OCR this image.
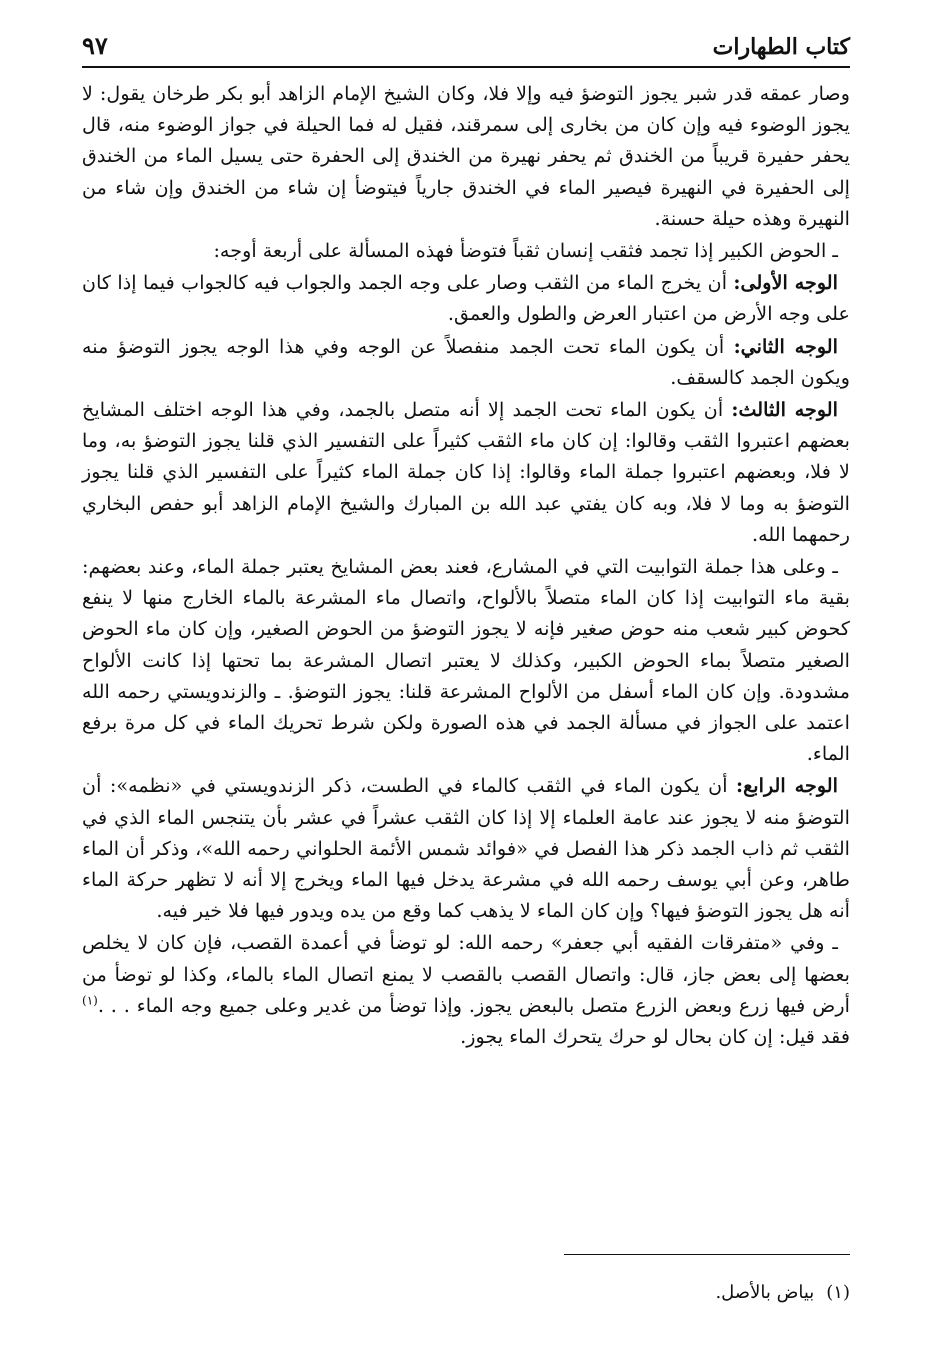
كتاب الطهارات
٩٧

وصار عمقه قدر شبر يجوز التوضؤ فيه وإلا فلا، وكان الشيخ الإمام الزاهد أبو بكر طرخان يقول: لا يجوز الوضوء فيه وإن كان من بخارى إلى سمرقند، فقيل له فما الحيلة في جواز الوضوء منه، قال يحفر حفيرة قريباً من الخندق ثم يحفر نهيرة من الخندق إلى الحفرة حتى يسيل الماء من الخندق إلى الحفيرة في النهيرة فيصير الماء في الخندق جارياً فيتوضأ إن شاء من الخندق وإن شاء من النهيرة وهذه حيلة حسنة.

ـ الحوض الكبير إذا تجمد فثقب إنسان ثقباً فتوضأ فهذه المسألة على أربعة أوجه:

الوجه الأولى: أن يخرج الماء من الثقب وصار على وجه الجمد والجواب فيه كالجواب فيما إذا كان على وجه الأرض من اعتبار العرض والطول والعمق.

الوجه الثاني: أن يكون الماء تحت الجمد منفصلاً عن الوجه وفي هذا الوجه يجوز التوضؤ منه ويكون الجمد كالسقف.

الوجه الثالث: أن يكون الماء تحت الجمد إلا أنه متصل بالجمد، وفي هذا الوجه اختلف المشايخ بعضهم اعتبروا الثقب وقالوا: إن كان ماء الثقب كثيراً على التفسير الذي قلنا يجوز التوضؤ به، وما لا فلا، وبعضهم اعتبروا جملة الماء وقالوا: إذا كان جملة الماء كثيراً على التفسير الذي قلنا يجوز التوضؤ به وما لا فلا، وبه كان يفتي عبد الله بن المبارك والشيخ الإمام الزاهد أبو حفص البخاري رحمهما الله.

ـ وعلى هذا جملة التوابيت التي في المشارع، فعند بعض المشايخ يعتبر جملة الماء، وعند بعضهم: بقية ماء التوابيت إذا كان الماء متصلاً بالألواح، واتصال ماء المشرعة بالماء الخارج منها لا ينفع كحوض كبير شعب منه حوض صغير فإنه لا يجوز التوضؤ من الحوض الصغير، وإن كان ماء الحوض الصغير متصلاً بماء الحوض الكبير، وكذلك لا يعتبر اتصال المشرعة بما تحتها إذا كانت الألواح مشدودة. وإن كان الماء أسفل من الألواح المشرعة قلنا: يجوز التوضؤ. ـ والزندويستي رحمه الله اعتمد على الجواز في مسألة الجمد في هذه الصورة ولكن شرط تحريك الماء في كل مرة برفع الماء.

الوجه الرابع: أن يكون الماء في الثقب كالماء في الطست، ذكر الزندويستي في «نظمه»: أن التوضؤ منه لا يجوز عند عامة العلماء إلا إذا كان الثقب عشراً في عشر بأن يتنجس الماء الذي في الثقب ثم ذاب الجمد ذكر هذا الفصل في «فوائد شمس الأئمة الحلواني رحمه الله»، وذكر أن الماء طاهر، وعن أبي يوسف رحمه الله في مشرعة يدخل فيها الماء ويخرج إلا أنه لا تظهر حركة الماء أنه هل يجوز التوضؤ فيها؟ وإن كان الماء لا يذهب كما وقع من يده ويدور فيها فلا خير فيه.

ـ وفي «متفرقات الفقيه أبي جعفر» رحمه الله: لو توضأ في أعمدة القصب، فإن كان لا يخلص بعضها إلى بعض جاز، قال: واتصال القصب بالقصب لا يمنع اتصال الماء بالماء، وكذا لو توضأ من أرض فيها زرع وبعض الزرع متصل بالبعض يجوز. وإذا توضأ من غدير وعلى جميع وجه الماء . . .$^{(١)}$ فقد قيل: إن كان بحال لو حرك يتحرك الماء يجوز.

(١)بياض بالأصل.
